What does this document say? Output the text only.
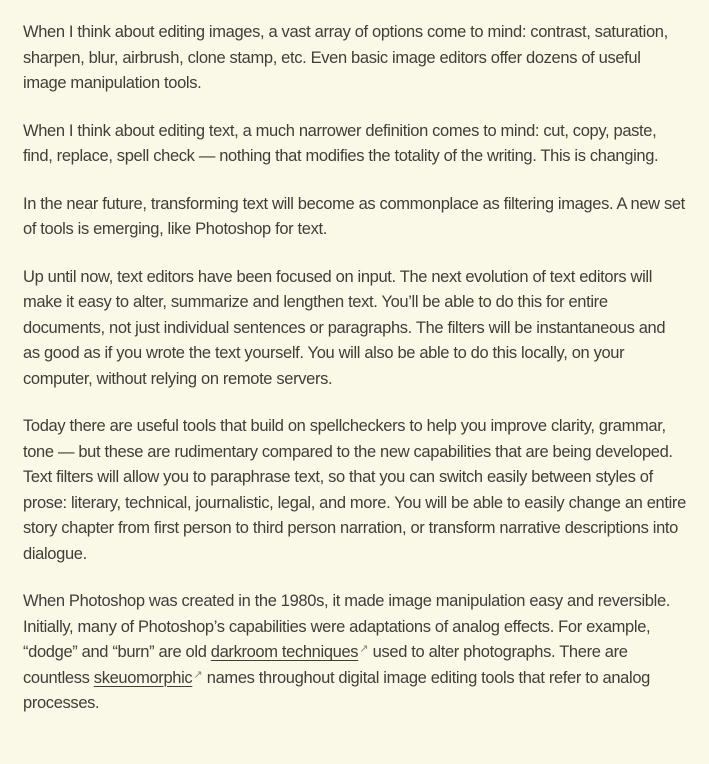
When I think about editing images, a vast array of options come to mind: contrast, saturation, sharpen, blur, airbrush, clone stamp, etc. Even basic image editors offer dozens of useful image manipulation tools.

When I think about editing text, a much narrower definition comes to mind: cut, copy, paste, find, replace, spell check — nothing that modifies the totality of the writing. This is changing.

In the near future, transforming text will become as commonplace as filtering images. A new set of tools is emerging, like Photoshop for text.

Up until now, text editors have been focused on input. The next evolution of text editors will make it easy to alter, summarize and lengthen text. You’ll be able to do this for entire documents, not just individual sentences or paragraphs. The filters will be instantaneous and as good as if you wrote the text yourself. You will also be able to do this locally, on your computer, without relying on remote servers.

Today there are useful tools that build on spellcheckers to help you improve clarity, grammar, tone — but these are rudimentary compared to the new capabilities that are being developed. Text filters will allow you to paraphrase text, so that you can switch easily between styles of prose: literary, technical, journalistic, legal, and more. You will be able to easily change an entire story chapter from first person to third person narration, or transform narrative descriptions into dialogue.

When Photoshop was created in the 1980s, it made image manipulation easy and reversible. Initially, many of Photoshop’s capabilities were adaptations of analog effects. For example, “dodge” and “burn” are old darkroom techniques↗ used to alter photographs. There are countless skeuomorphic↗ names throughout digital image editing tools that refer to analog processes.
